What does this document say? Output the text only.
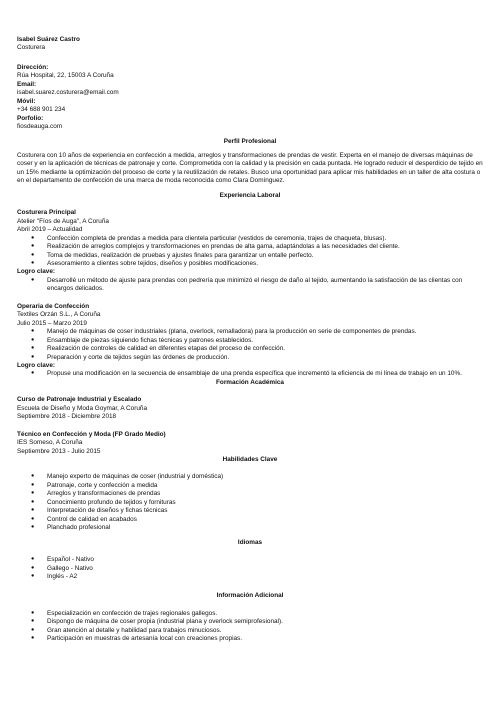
Isabel Suárez Castro
Costurera
Dirección:
Rúa Hospital, 22, 15003 A Coruña
Email:
isabel.suarez.costurera@email.com
Móvil:
+34 688 901 234
Porfolio:
fiosdeauga.com
Perfil Profesional
Costurera con 10 años de experiencia en confección a medida, arreglos y transformaciones de prendas de vestir. Experta en el manejo de diversas máquinas de coser y en la aplicación de técnicas de patronaje y corte. Comprometida con la calidad y la precisión en cada puntada. He logrado reducir el desperdicio de tejido en un 15% mediante la optimización del proceso de corte y la reutilización de retales. Busco una oportunidad para aplicar mis habilidades en un taller de alta costura o en el departamento de confección de una marca de moda reconocida como Clara Domínguez.
Experiencia Laboral
Costurera Principal
Atelier "Fíos de Auga", A Coruña
Abril 2019 – Actualidad
● Confección completa de prendas a medida para clientela particular (vestidos de ceremonia, trajes de chaqueta, blusas).
● Realización de arreglos complejos y transformaciones en prendas de alta gama, adaptándolas a las necesidades del cliente.
● Toma de medidas, realización de pruebas y ajustes finales para garantizar un entalle perfecto.
● Asesoramiento a clientes sobre tejidos, diseños y posibles modificaciones.
Logro clave:
● Desarrollé un método de ajuste para prendas con pedrería que minimizó el riesgo de daño al tejido, aumentando la satisfacción de las clientas con encargos delicados.
Operaria de Confección
Textiles Orzán S.L., A Coruña
Julio 2015 – Marzo 2019
● Manejo de máquinas de coser industriales (plana, overlock, remalladora) para la producción en serie de componentes de prendas.
● Ensamblaje de piezas siguiendo fichas técnicas y patrones establecidos.
● Realización de controles de calidad en diferentes etapas del proceso de confección.
● Preparación y corte de tejidos según las órdenes de producción.
Logro clave:
● Propuse una modificación en la secuencia de ensamblaje de una prenda específica que incrementó la eficiencia de mi línea de trabajo en un 10%.
Formación Académica
Curso de Patronaje Industrial y Escalado
Escuela de Diseño y Moda Goymar, A Coruña
Septiembre 2018 - Diciembre 2018
Técnico en Confección y Moda (FP Grado Medio)
IES Someso, A Coruña
Septiembre 2013 - Julio 2015
Habilidades Clave
● Manejo experto de máquinas de coser (industrial y doméstica)
● Patronaje, corte y confección a medida
● Arreglos y transformaciones de prendas
● Conocimiento profundo de tejidos y fornituras
● Interpretación de diseños y fichas técnicas
● Control de calidad en acabados
● Planchado profesional
Idiomas
● Español - Nativo
● Gallego - Nativo
● Inglés - A2
Información Adicional
● Especialización en confección de trajes regionales gallegos.
● Dispongo de máquina de coser propia (industrial plana y overlock semiprofesional).
● Gran atención al detalle y habilidad para trabajos minuciosos.
● Participación en muestras de artesanía local con creaciones propias.
